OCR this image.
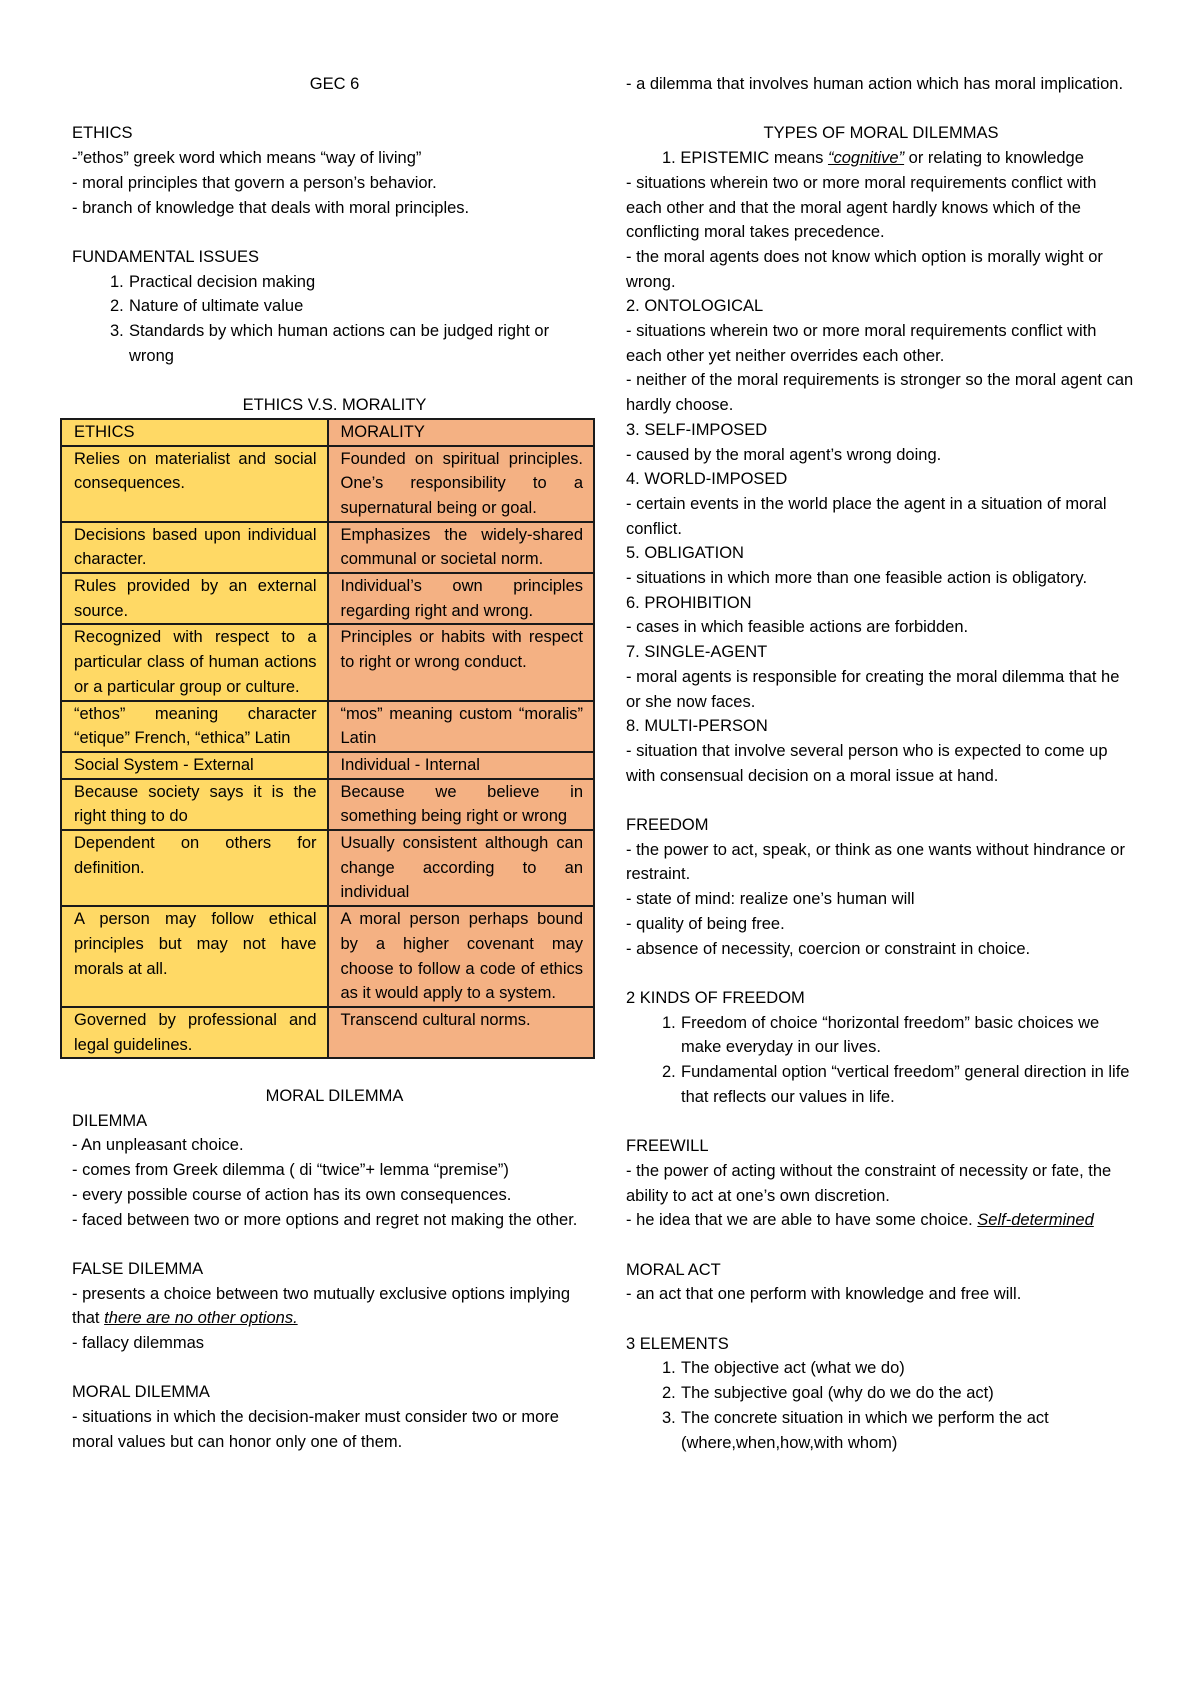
GEC 6

ETHICS

-”ethos” greek word which means “way of living”

- moral principles that govern a person’s behavior.

- branch of knowledge that deals with moral principles.

FUNDAMENTAL ISSUES

1. Practical decision making
2. Nature of ultimate value
3. Standards by which human actions can be judged right or wrong

ETHICS V.S. MORALITY

ETHICS	MORALITY
Relies on materialist and social consequences.	Founded on spiritual principles. One’s responsibility to a supernatural being or goal.
Decisions based upon individual character.	Emphasizes the widely-shared communal or societal norm.
Rules provided by an external source.	Individual’s own principles regarding right and wrong.
Recognized with respect to a particular class of human actions or a particular group or culture.	Principles or habits with respect to right or wrong conduct.
“ethos” meaning character “etique” French, “ethica” Latin	“mos” meaning custom “moralis” Latin
Social System - External	Individual - Internal
Because society says it is the right thing to do	Because we believe in something being right or wrong
Dependent on others for definition.	Usually consistent although can change according to an individual
A person may follow ethical principles but may not have morals at all.	A moral person perhaps bound by a higher covenant may choose to follow a code of ethics as it would apply to a system.
Governed by professional and legal guidelines.	Transcend cultural norms.

MORAL DILEMMA

DILEMMA

- An unpleasant choice.

- comes from Greek dilemma ( di “twice”+ lemma “premise”)

- every possible course of action has its own consequences.

- faced between two or more options and regret not making the other.

FALSE DILEMMA

- presents a choice between two mutually exclusive options implying that there are no other options.

- fallacy dilemmas

MORAL DILEMMA

- situations in which the decision-maker must consider two or more moral values but can honor only one of them.

- a dilemma that involves human action which has moral implication.

TYPES OF MORAL DILEMMAS

1. EPISTEMIC means “cognitive” or relating to knowledge

- situations wherein two or more moral requirements conflict with each other and that the moral agent hardly knows which of the conflicting moral takes precedence.

- the moral agents does not know which option is morally wight or wrong.

2. ONTOLOGICAL

- situations wherein two or more moral requirements conflict with each other yet neither overrides each other.

- neither of the moral requirements is stronger so the moral agent can hardly choose.

3. SELF-IMPOSED

- caused by the moral agent’s wrong doing.

4. WORLD-IMPOSED

- certain events in the world place the agent in a situation of moral conflict.

5. OBLIGATION

- situations in which more than one feasible action is obligatory.

6. PROHIBITION

- cases in which feasible actions are forbidden.

7. SINGLE-AGENT

- moral agents is responsible for creating the moral dilemma that he or she now faces.

8. MULTI-PERSON

- situation that involve several person who is expected to come up with consensual decision on a moral issue at hand.

FREEDOM

- the power to act, speak, or think as one wants without hindrance or restraint.

- state of mind: realize one’s human will

- quality of being free.

- absence of necessity, coercion or constraint in choice.

2 KINDS OF FREEDOM

1. Freedom of choice “horizontal freedom” basic choices we make everyday in our lives.
2. Fundamental option “vertical freedom” general direction in life that reflects our values in life.

FREEWILL

- the power of acting without the constraint of necessity or fate, the ability to act at one’s own discretion.

- he idea that we are able to have some choice. Self-determined

MORAL ACT

- an act that one perform with knowledge and free will.

3 ELEMENTS

1. The objective act (what we do)
2. The subjective goal (why do we do the act)
3. The concrete situation in which we perform the act (where,when,how,with whom)
